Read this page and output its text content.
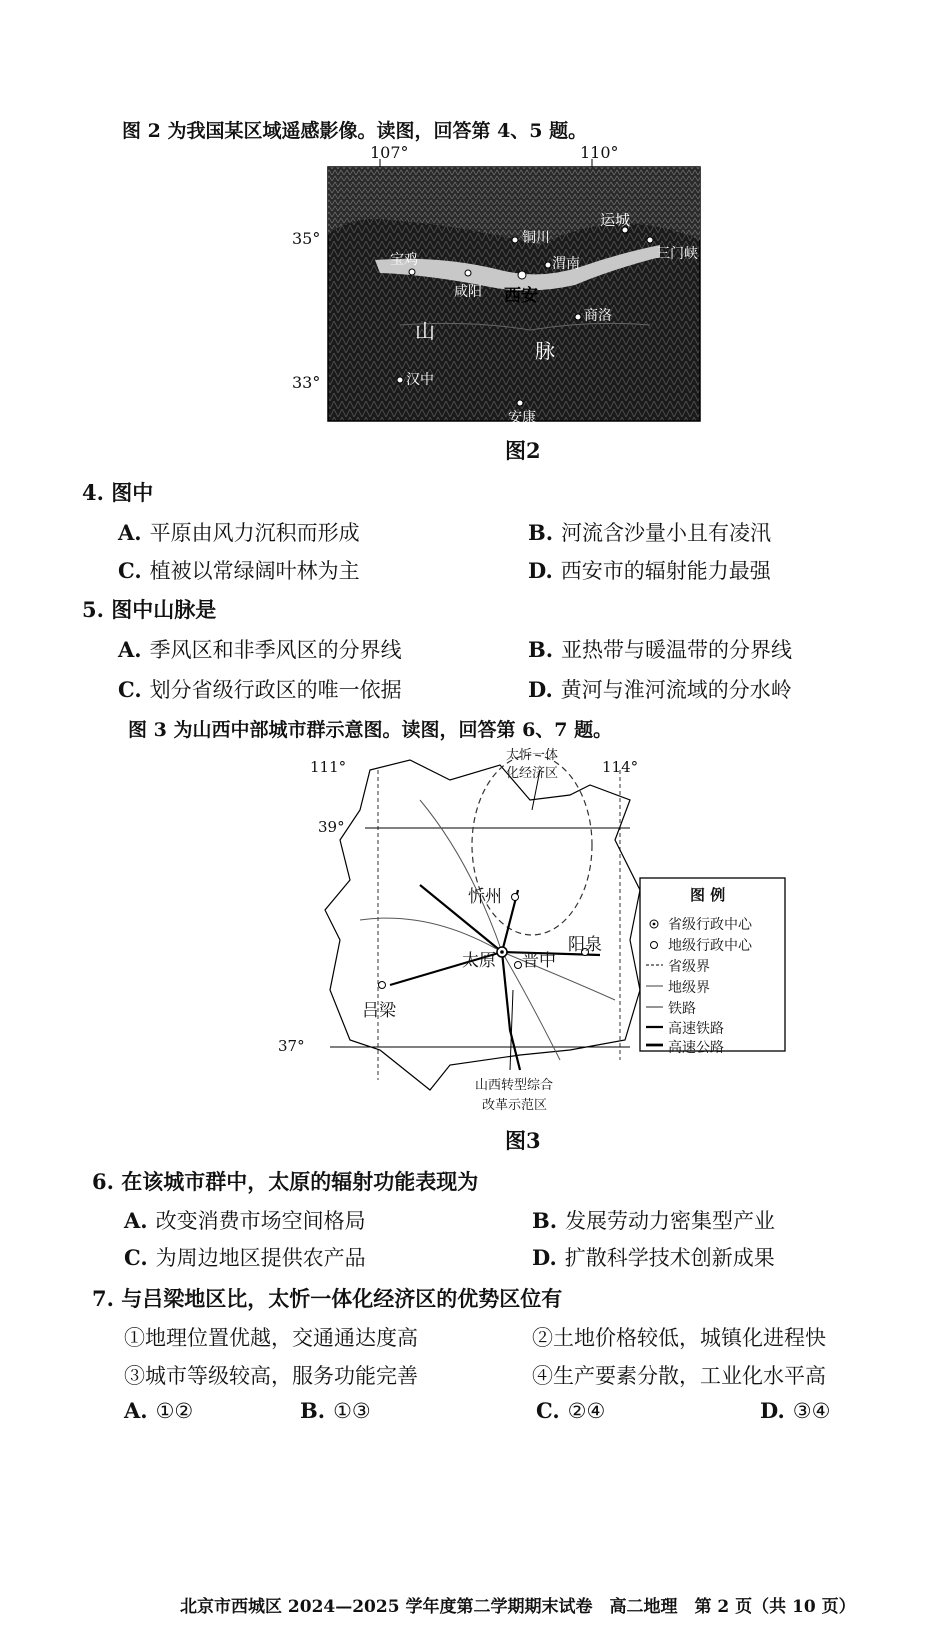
图 2 为我国某区域遥感影像。读图，回答第 4、5 题。
107°	110°
35°
33°
宝鸡
咸阳 西安
渭南
铜川
运城
三门峡
商洛
汉中
安康
山
脉
图2
4. 图中
A. 平原由风力沉积而形成	B. 河流含沙量小且有凌汛
C. 植被以常绿阔叶林为主	D. 西安市的辐射能力最强
5. 图中山脉是
A. 季风区和非季风区的分界线	B. 亚热带与暖温带的分界线
C. 划分省级行政区的唯一依据	D. 黄河与淮河流域的分水岭
图 3 为山西中部城市群示意图。读图，回答第 6、7 题。
111°	114°
39°
37°
太忻一体
化经济区
山西转型综合
改革示范区
忻州
太原 晋中
阳泉
吕梁
图 例
省级行政中心
地级行政中心
省级界
地级界
铁路
高速铁路
高速公路
图3
6. 在该城市群中，太原的辐射功能表现为
A. 改变消费市场空间格局	B. 发展劳动力密集型产业
C. 为周边地区提供农产品	D. 扩散科学技术创新成果
7. 与吕梁地区比，太忻一体化经济区的优势区位有
①地理位置优越，交通通达度高	②土地价格较低，城镇化进程快
③城市等级较高，服务功能完善	④生产要素分散，工业化水平高
A. ①②	B. ①③	C. ②④	D. ③④
北京市西城区 2024—2025 学年度第二学期期末试卷　高二地理　第 2 页（共 10 页）
